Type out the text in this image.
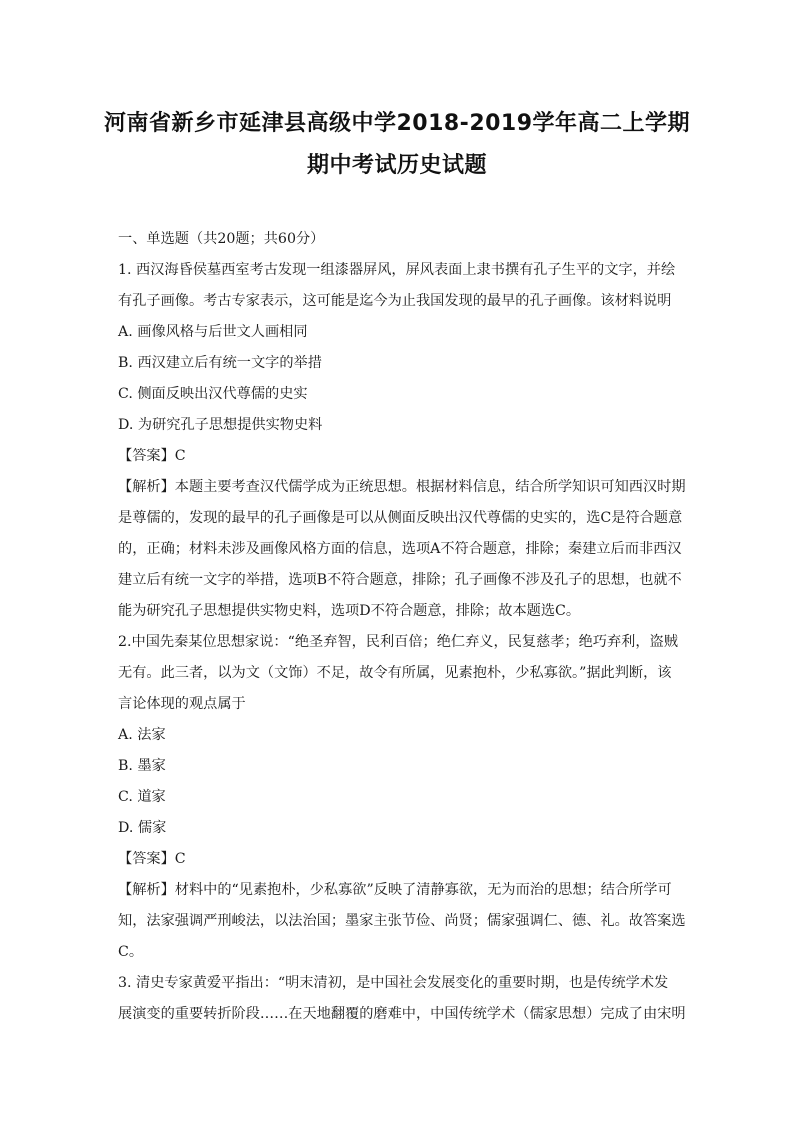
河南省新乡市延津县高级中学2018-2019学年高二上学期
期中考试历史试题
一、单选题（共20题；共60分）
1. 西汉海昏侯墓西室考古发现一组漆器屏风，屏风表面上隶书撰有孔子生平的文字，并绘
有孔子画像。考古专家表示，这可能是迄今为止我国发现的最早的孔子画像。该材料说明
A. 画像风格与后世文人画相同
B. 西汉建立后有统一文字的举措
C. 侧面反映出汉代尊儒的史实
D. 为研究孔子思想提供实物史料
【答案】C
【解析】本题主要考查汉代儒学成为正统思想。根据材料信息，结合所学知识可知西汉时期
是尊儒的，发现的最早的孔子画像是可以从侧面反映出汉代尊儒的史实的，选C是符合题意
的，正确；材料未涉及画像风格方面的信息，选项A不符合题意，排除；秦建立后而非西汉
建立后有统一文字的举措，选项B不符合题意，排除；孔子画像不涉及孔子的思想，也就不
能为研究孔子思想提供实物史料，选项D不符合题意，排除；故本题选C。
2.中国先秦某位思想家说：“绝圣弃智，民利百倍；绝仁弃义，民复慈孝；绝巧弃利，盗贼
无有。此三者，以为文（文饰）不足，故令有所属，见素抱朴，少私寡欲。”据此判断，该
言论体现的观点属于
A. 法家
B. 墨家
C. 道家
D. 儒家
【答案】C
【解析】材料中的“见素抱朴，少私寡欲”反映了清静寡欲，无为而治的思想；结合所学可
知，法家强调严刑峻法，以法治国；墨家主张节俭、尚贤；儒家强调仁、德、礼。故答案选
C。
3. 清史专家黄爱平指出：“明末清初，是中国社会发展变化的重要时期，也是传统学术发
展演变的重要转折阶段……在天地翻覆的磨难中，中国传统学术（儒家思想）完成了由宋明
